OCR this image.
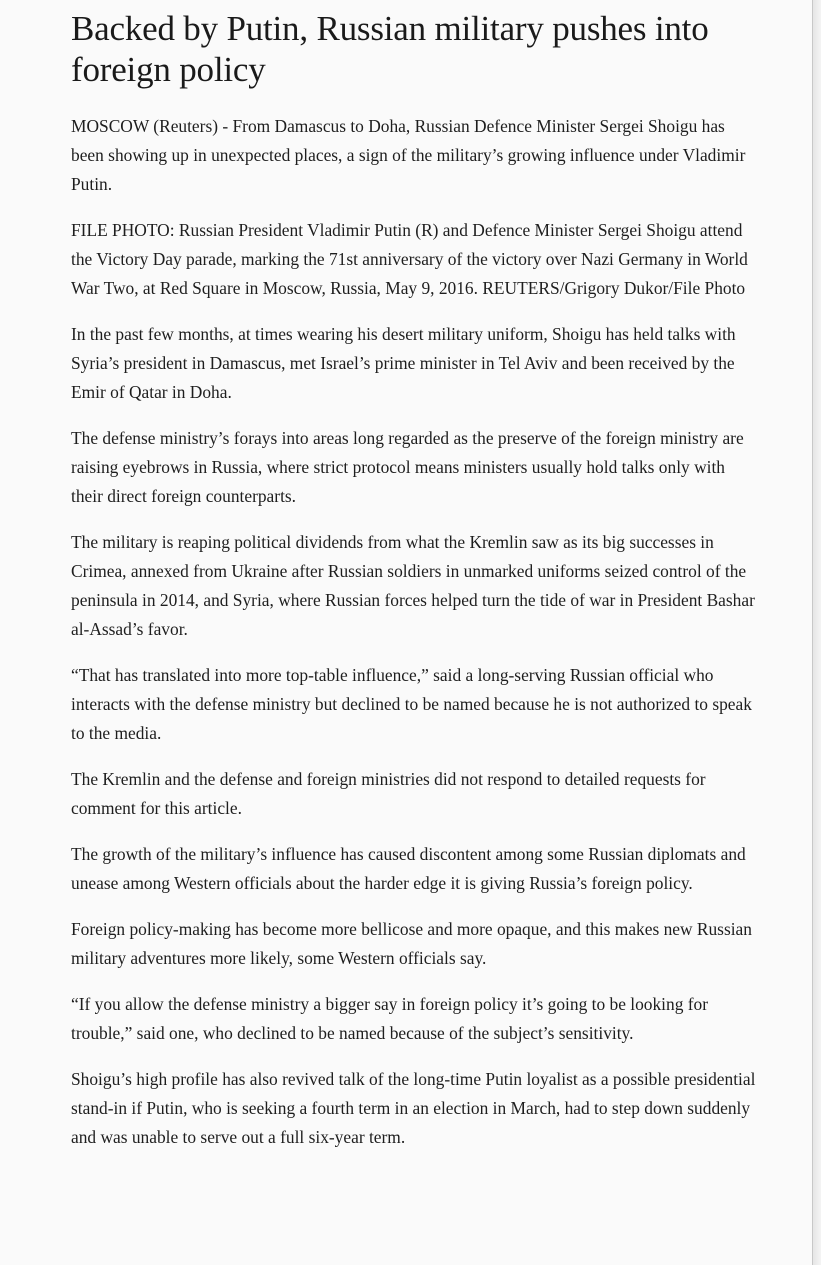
Backed by Putin, Russian military pushes into foreign policy

MOSCOW (Reuters) - From Damascus to Doha, Russian Defence Minister Sergei Shoigu has been showing up in unexpected places, a sign of the military’s growing influence under Vladimir Putin.

FILE PHOTO: Russian President Vladimir Putin (R) and Defence Minister Sergei Shoigu attend the Victory Day parade, marking the 71st anniversary of the victory over Nazi Germany in World War Two, at Red Square in Moscow, Russia, May 9, 2016. REUTERS/Grigory Dukor/File Photo

In the past few months, at times wearing his desert military uniform, Shoigu has held talks with Syria’s president in Damascus, met Israel’s prime minister in Tel Aviv and been received by the Emir of Qatar in Doha.

The defense ministry’s forays into areas long regarded as the preserve of the foreign ministry are raising eyebrows in Russia, where strict protocol means ministers usually hold talks only with their direct foreign counterparts.

The military is reaping political dividends from what the Kremlin saw as its big successes in Crimea, annexed from Ukraine after Russian soldiers in unmarked uniforms seized control of the peninsula in 2014, and Syria, where Russian forces helped turn the tide of war in President Bashar al-Assad’s favor.

“That has translated into more top-table influence,” said a long-serving Russian official who interacts with the defense ministry but declined to be named because he is not authorized to speak to the media.

The Kremlin and the defense and foreign ministries did not respond to detailed requests for comment for this article.

The growth of the military’s influence has caused discontent among some Russian diplomats and unease among Western officials about the harder edge it is giving Russia’s foreign policy.

Foreign policy-making has become more bellicose and more opaque, and this makes new Russian military adventures more likely, some Western officials say.

“If you allow the defense ministry a bigger say in foreign policy it’s going to be looking for trouble,” said one, who declined to be named because of the subject’s sensitivity.

Shoigu’s high profile has also revived talk of the long-time Putin loyalist as a possible presidential stand-in if Putin, who is seeking a fourth term in an election in March, had to step down suddenly and was unable to serve out a full six-year term.
